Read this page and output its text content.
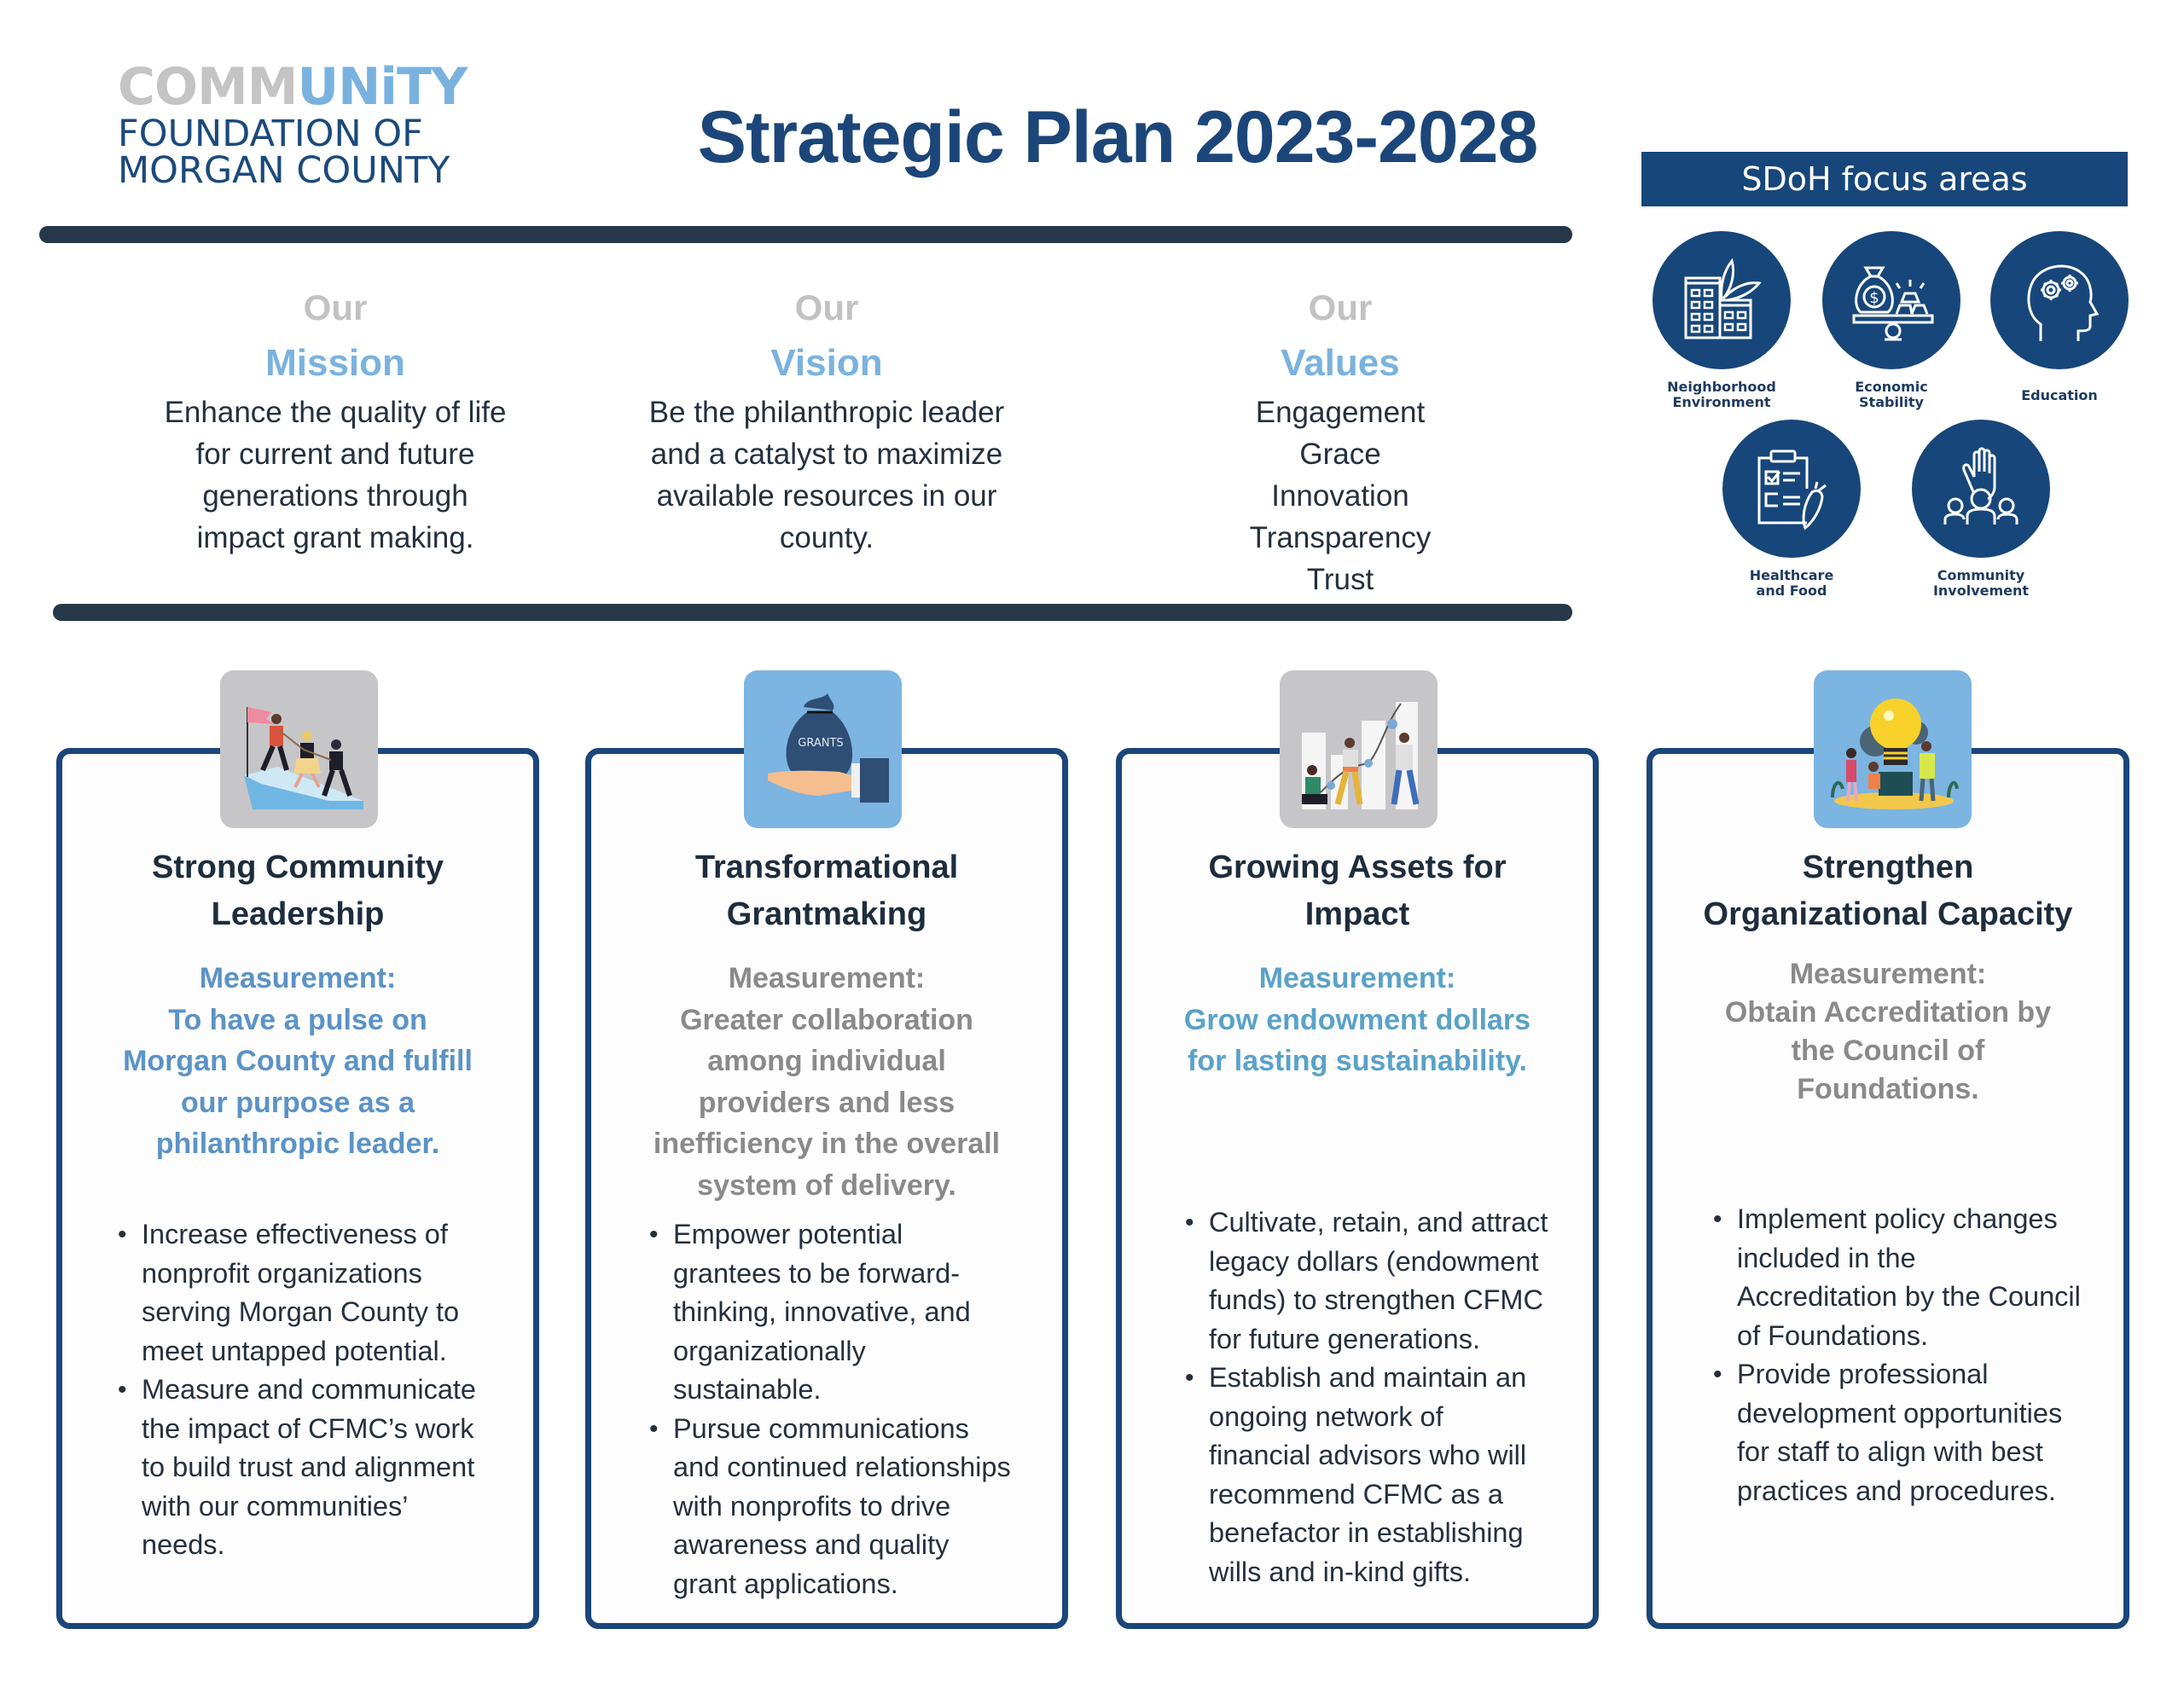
COMMUNiTY
FOUNDATION OF
MORGAN COUNTY	Strategic Plan 2023-2028
Our
Mission
Enhance the quality of life
for current and future
generations through
impact grant making.
Our
Vision
Be the philanthropic leader
and a catalyst to maximize
available resources in our
county.
Our
Values
Engagement
Grace
Innovation
Transparency
Trust
SDoH focus areas
Neighborhood
Environment
$
Economic
Stability	Education
Healthcare
and Food
Community
Involvement
Strong Community
Leadership
Measurement:
To have a pulse on
Morgan County and fulfill
our purpose as a
philanthropic leader.
• Increase effectiveness of
nonprofit organizations
serving Morgan County to
meet untapped potential.
• Measure and communicate
the impact of CFMC’s work
to build trust and alignment
with our communities’
needs.
GRANTS
Transformational
Grantmaking
Measurement:
Greater collaboration
among individual
providers and less
inefficiency in the overall
system of delivery.
• Empower potential
grantees to be forward-
thinking, innovative, and
organizationally
sustainable.
• Pursue communications
and continued relationships
with nonprofits to drive
awareness and quality
grant applications.
Growing Assets for
Impact
Measurement:
Grow endowment dollars
for lasting sustainability.
• Cultivate, retain, and attract
legacy dollars (endowment
funds) to strengthen CFMC
for future generations.
• Establish and maintain an
ongoing network of
financial advisors who will
recommend CFMC as a
benefactor in establishing
wills and in-kind gifts.
Strengthen
Organizational Capacity
Measurement:
Obtain Accreditation by
the Council of
Foundations.
• Implement policy changes
included in the
Accreditation by the Council
of Foundations.
• Provide professional
development opportunities
for staff to align with best
practices and procedures.
